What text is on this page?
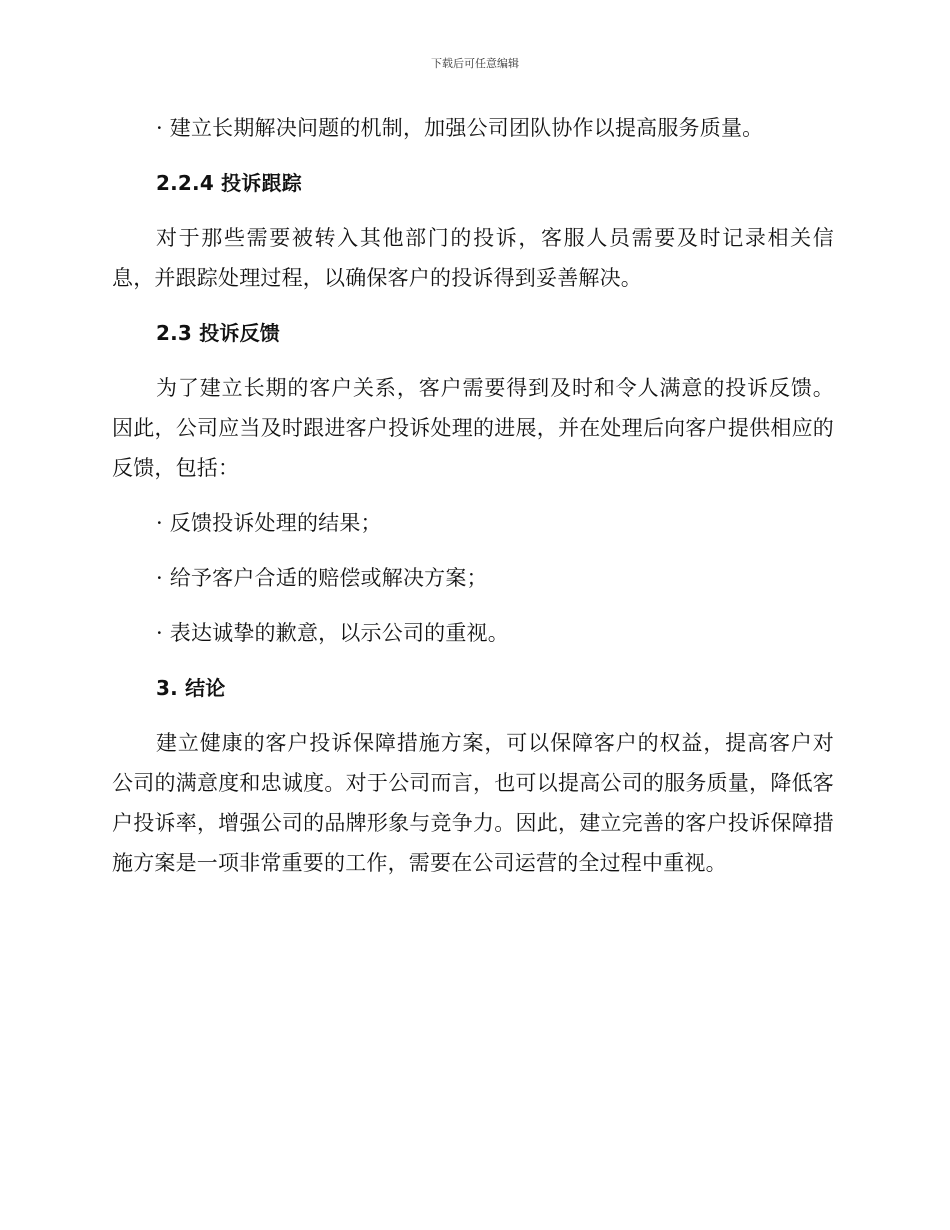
下载后可任意编辑

· 建立长期解决问题的机制，加强公司团队协作以提高服务质量。

2.2.4 投诉跟踪

对于那些需要被转入其他部门的投诉，客服人员需要及时记录相关信息，并跟踪处理过程，以确保客户的投诉得到妥善解决。

2.3 投诉反馈

为了建立长期的客户关系，客户需要得到及时和令人满意的投诉反馈。因此，公司应当及时跟进客户投诉处理的进展，并在处理后向客户提供相应的反馈，包括：

· 反馈投诉处理的结果；

· 给予客户合适的赔偿或解决方案；

· 表达诚挚的歉意，以示公司的重视。

3. 结论

建立健康的客户投诉保障措施方案，可以保障客户的权益，提高客户对公司的满意度和忠诚度。对于公司而言，也可以提高公司的服务质量，降低客户投诉率，增强公司的品牌形象与竞争力。因此，建立完善的客户投诉保障措施方案是一项非常重要的工作，需要在公司运营的全过程中重视。
